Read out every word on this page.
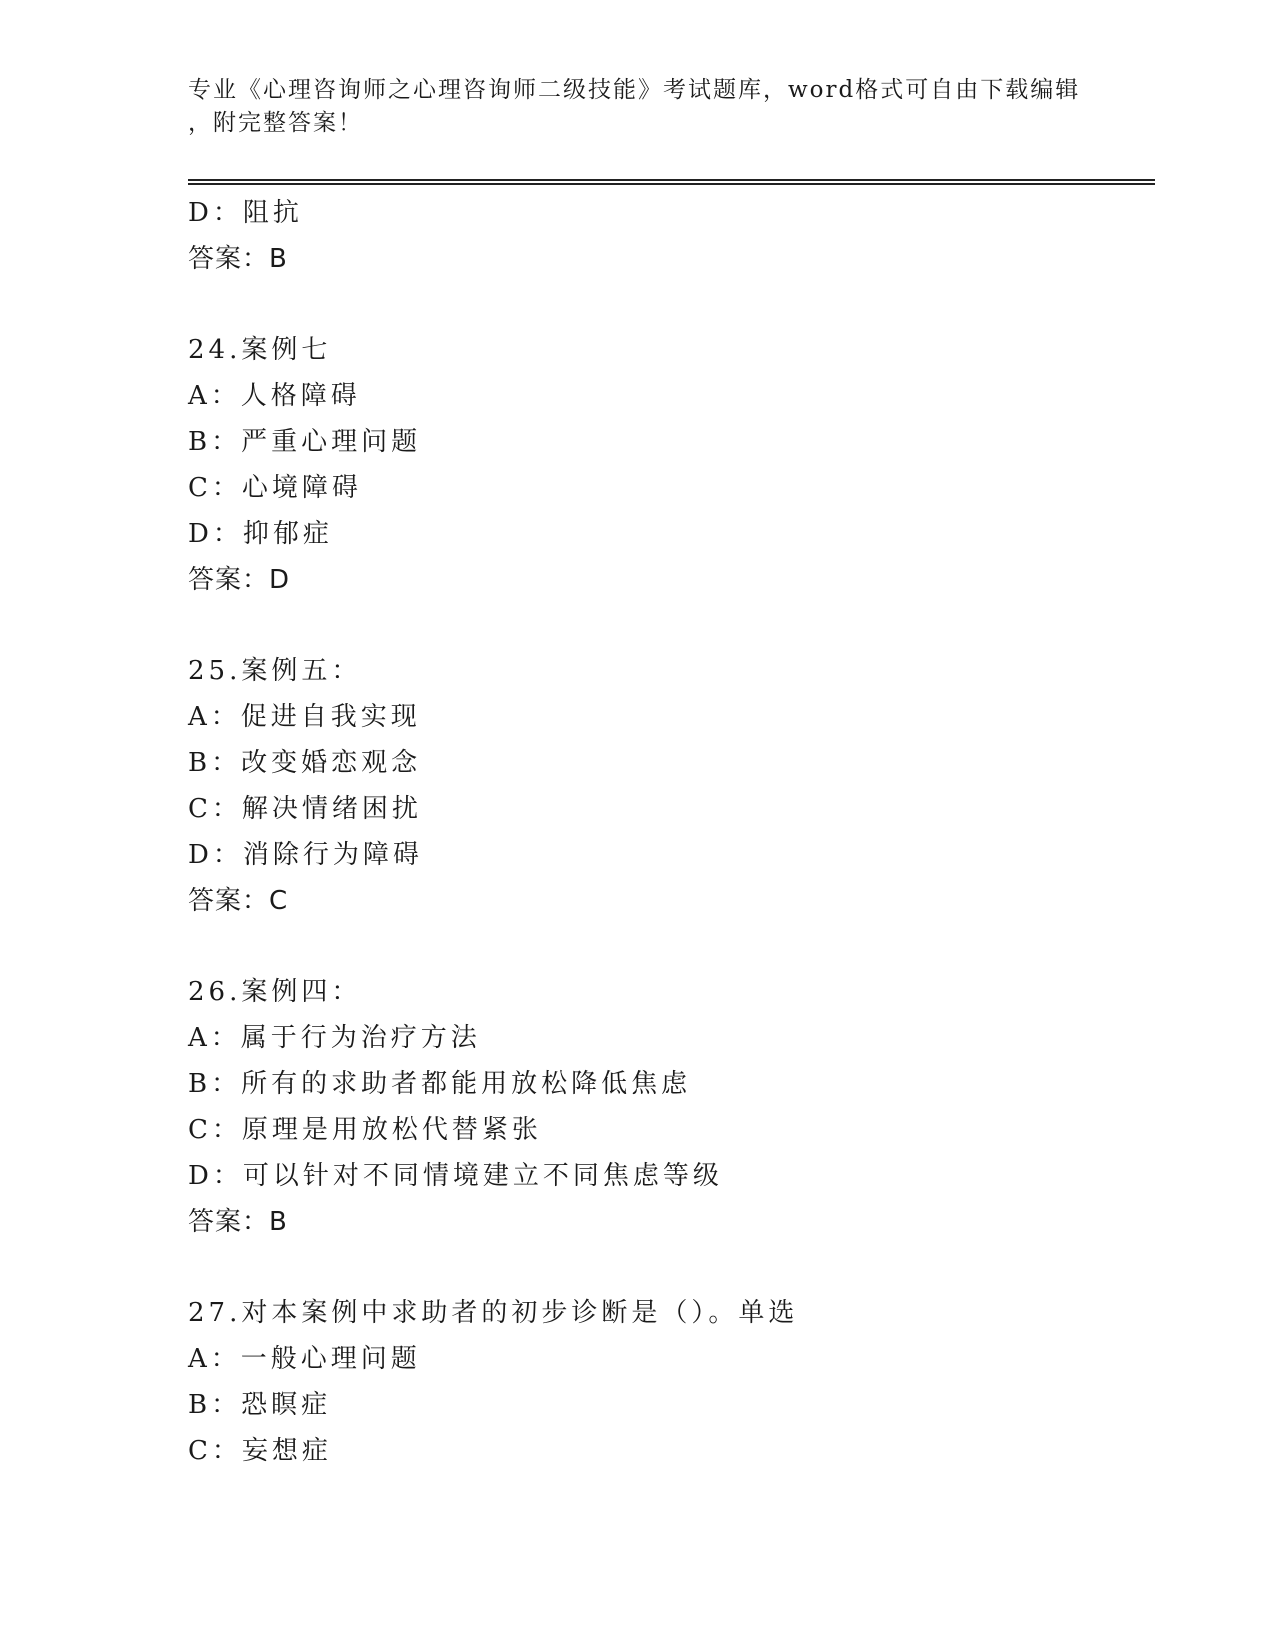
专业《心理咨询师之心理咨询师二级技能》考试题库，word格式可自由下载编辑
，附完整答案！
D：阻抗
答案：B
24.案例七
A：人格障碍
B：严重心理问题
C：心境障碍
D：抑郁症
答案：D
25.案例五：
A：促进自我实现
B：改变婚恋观念
C：解决情绪困扰
D：消除行为障碍
答案：C
26.案例四：
A：属于行为治疗方法
B：所有的求助者都能用放松降低焦虑
C：原理是用放松代替紧张
D：可以针对不同情境建立不同焦虑等级
答案：B
27.对本案例中求助者的初步诊断是（）。单选
A：一般心理问题
B：恐瞑症
C：妄想症
